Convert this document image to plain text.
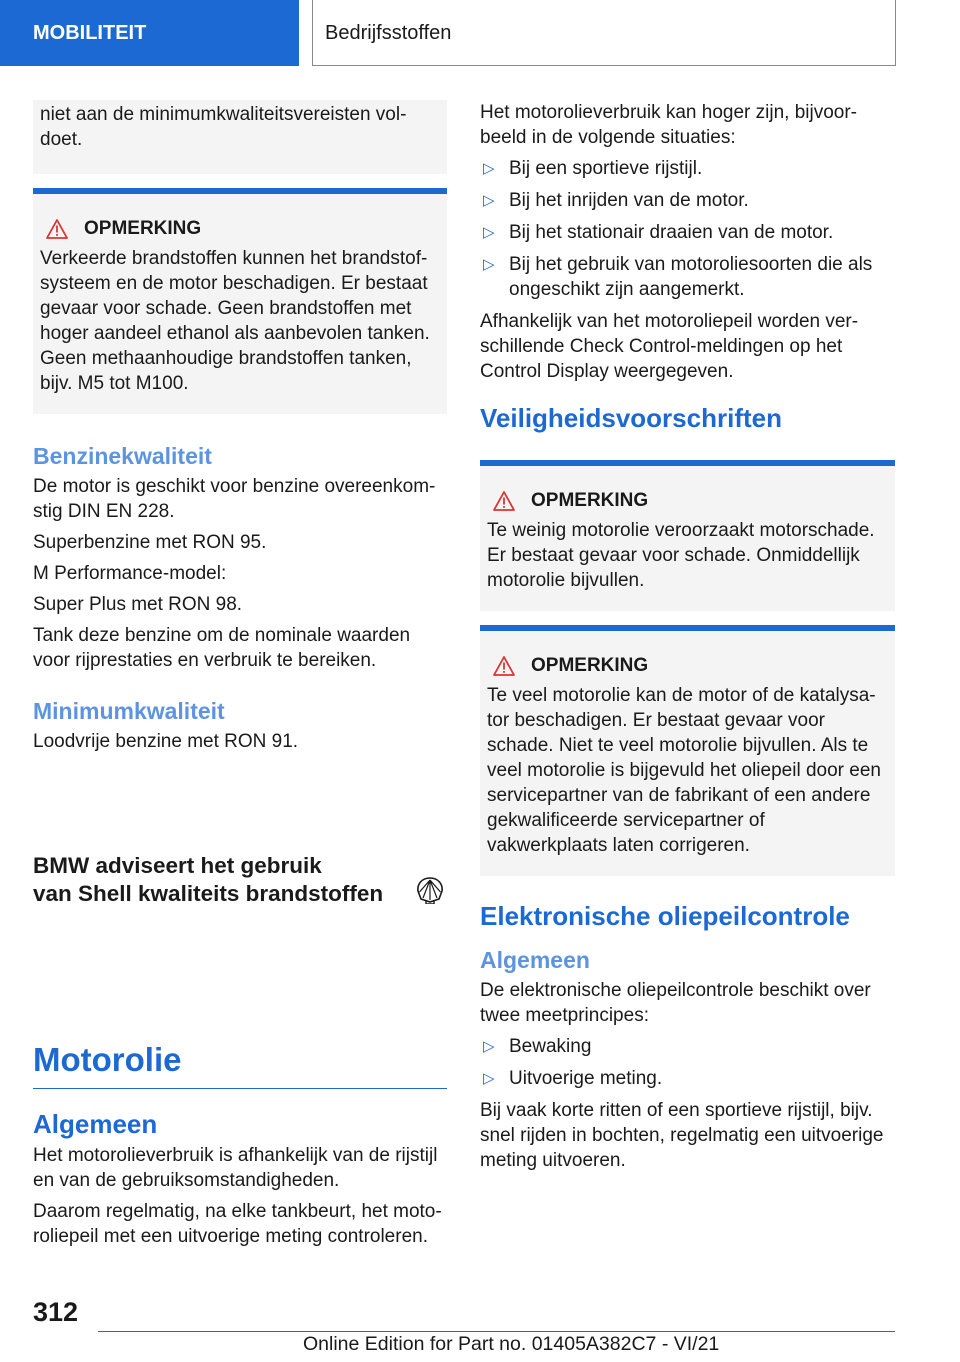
MOBILITEIT	Bedrijfsstoffen

niet aan de minimumkwaliteitsvereisten vol-doet.

OPMERKING

Verkeerde brandstoffen kunnen het brandstof-systeem en de motor beschadigen. Er bestaat gevaar voor schade. Geen brandstoffen met hoger aandeel ethanol als aanbevolen tanken. Geen methaanhoudige brandstoffen tanken, bijv. M5 tot M100.

Benzinekwaliteit

De motor is geschikt voor benzine overeenkom-stig DIN EN 228.

Superbenzine met RON 95.

M Performance-model:

Super Plus met RON 98.

Tank deze benzine om de nominale waarden voor rijprestaties en verbruik te bereiken.

Minimumkwaliteit

Loodvrije benzine met RON 91.

BMW adviseert het gebruik
van Shell kwaliteits brandstoffen
Motorolie
Algemeen

Het motorolieverbruik is afhankelijk van de rijstijl en van de gebruiksomstandigheden.

Daarom regelmatig, na elke tankbeurt, het moto-roliepeil met een uitvoerige meting controleren.

Het motorolieverbruik kan hoger zijn, bijvoor-beeld in de volgende situaties:

▷ Bij een sportieve rijstijl.
▷ Bij het inrijden van de motor.
▷ Bij het stationair draaien van de motor.
▷ Bij het gebruik van motoroliesoorten die als ongeschikt zijn aangemerkt.

Afhankelijk van het motoroliepeil worden ver-schillende Check Control-meldingen op het Control Display weergegeven.

Veiligheidsvoorschriften
OPMERKING

Te weinig motorolie veroorzaakt motorschade. Er bestaat gevaar voor schade. Onmiddellijk motorolie bijvullen.

OPMERKING

Te veel motorolie kan de motor of de katalysa-tor beschadigen. Er bestaat gevaar voor schade. Niet te veel motorolie bijvullen. Als te veel motorolie is bijgevuld het oliepeil door een servicepartner van de fabrikant of een andere gekwalificeerde servicepartner of vakwerkplaats laten corrigeren.

Elektronische oliepeilcontrole
Algemeen

De elektronische oliepeilcontrole beschikt over twee meetprincipes:

▷ Bewaking
▷ Uitvoerige meting.

Bij vaak korte ritten of een sportieve rijstijl, bijv. snel rijden in bochten, regelmatig een uitvoerige meting uitvoeren.

312
Online Edition for Part no. 01405A382C7 - VI/21
